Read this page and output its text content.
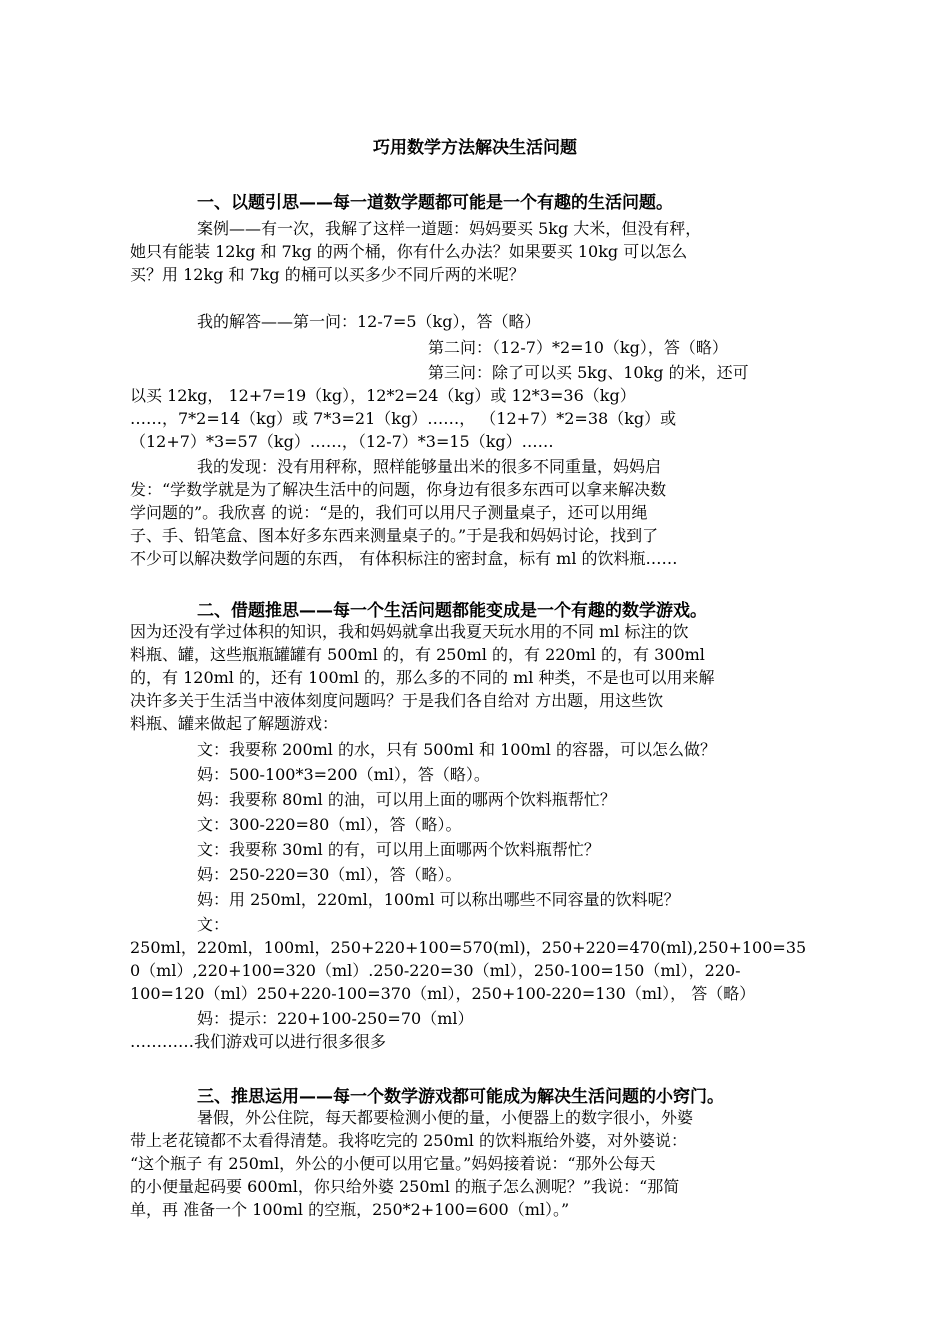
巧用数学方法解决生活问题
一、以题引思——每一道数学题都可能是一个有趣的生活问题。
案例——有一次，我解了这样一道题：妈妈要买 5kg 大米，但没有秤，
她只有能装 12kg 和 7kg 的两个桶，你有什么办法？如果要买 10kg 可以怎么
买？用 12kg 和 7kg 的桶可以买多少不同斤两的米呢？
我的解答——第一问：12-7=5（kg），答（略）
第二问：（12-7）*2=10（kg），答（略）
第三问：除了可以买 5kg、10kg 的米，还可
以买 12kg， 12+7=19（kg），12*2=24（kg）或 12*3=36（kg）
……，7*2=14（kg）或 7*3=21（kg）……， （12+7）*2=38（kg）或
（12+7）*3=57（kg）……，（12-7）*3=15（kg）……
我的发现：没有用秤称，照样能够量出米的很多不同重量，妈妈启
发：“学数学就是为了解决生活中的问题，你身边有很多东西可以拿来解决数
学问题的”。我欣喜 的说：“是的，我们可以用尺子测量桌子，还可以用绳
子、手、铅笔盒、图本好多东西来测量桌子的。”于是我和妈妈讨论，找到了
不少可以解决数学问题的东西， 有体积标注的密封盒，标有 ml 的饮料瓶……
二、借题推思——每一个生活问题都能变成是一个有趣的数学游戏。
因为还没有学过体积的知识，我和妈妈就拿出我夏天玩水用的不同 ml 标注的饮
料瓶、罐，这些瓶瓶罐罐有 500ml 的，有 250ml 的，有 220ml 的，有 300ml
的，有 120ml 的，还有 100ml 的，那么多的不同的 ml 种类，不是也可以用来解
决许多关于生活当中液体刻度问题吗？于是我们各自给对 方出题，用这些饮
料瓶、罐来做起了解题游戏：
文：我要称 200ml 的水，只有 500ml 和 100ml 的容器，可以怎么做？
妈：500-100*3=200（ml），答（略）。
妈：我要称 80ml 的油，可以用上面的哪两个饮料瓶帮忙？
文：300-220=80（ml），答（略）。
文：我要称 30ml 的有，可以用上面哪两个饮料瓶帮忙？
妈：250-220=30（ml），答（略）。
妈：用 250ml，220ml，100ml 可以称出哪些不同容量的饮料呢？
文：
250ml，220ml，100ml，250+220+100=570(ml)，250+220=470(ml),250+100=35
0（ml）,220+100=320（ml）.250-220=30（ml），250-100=150（ml），220-
100=120（ml）250+220-100=370（ml），250+100-220=130（ml）， 答（略）
妈：提示：220+100-250=70（ml）
…………我们游戏可以进行很多很多
三、推思运用——每一个数学游戏都可能成为解决生活问题的小窍门。
暑假，外公住院，每天都要检测小便的量，小便器上的数字很小，外婆
带上老花镜都不太看得清楚。我将吃完的 250ml 的饮料瓶给外婆，对外婆说：
“这个瓶子 有 250ml，外公的小便可以用它量。”妈妈接着说：“那外公每天
的小便量起码要 600ml，你只给外婆 250ml 的瓶子怎么测呢？”我说：“那简
单，再 准备一个 100ml 的空瓶，250*2+100=600（ml）。”
